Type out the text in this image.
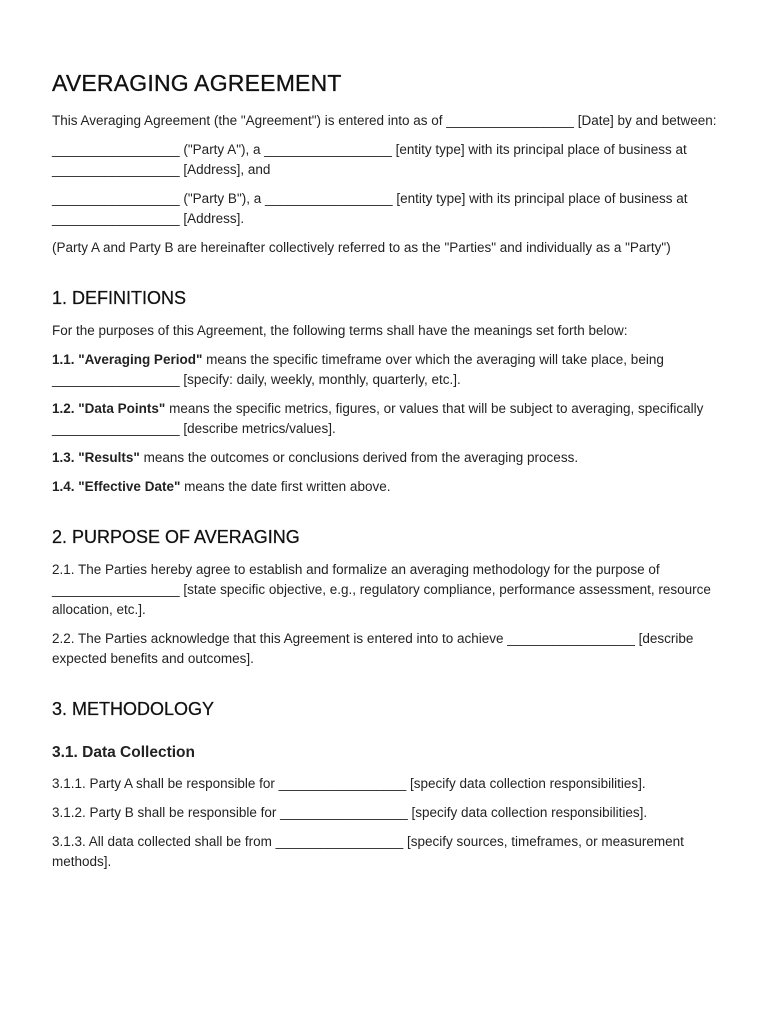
AVERAGING AGREEMENT

This Averaging Agreement (the "Agreement") is entered into as of _________________ [Date] by and between:

_________________ ("Party A"), a _________________ [entity type] with its principal place of business at _________________ [Address], and

_________________ ("Party B"), a _________________ [entity type] with its principal place of business at _________________ [Address].

(Party A and Party B are hereinafter collectively referred to as the "Parties" and individually as a "Party")

1. DEFINITIONS

For the purposes of this Agreement, the following terms shall have the meanings set forth below:

1.1. "Averaging Period" means the specific timeframe over which the averaging will take place, being _________________ [specify: daily, weekly, monthly, quarterly, etc.].

1.2. "Data Points" means the specific metrics, figures, or values that will be subject to averaging, specifically _________________ [describe metrics/values].

1.3. "Results" means the outcomes or conclusions derived from the averaging process.

1.4. "Effective Date" means the date first written above.

2. PURPOSE OF AVERAGING

2.1. The Parties hereby agree to establish and formalize an averaging methodology for the purpose of _________________ [state specific objective, e.g., regulatory compliance, performance assessment, resource allocation, etc.].

2.2. The Parties acknowledge that this Agreement is entered into to achieve _________________ [describe expected benefits and outcomes].

3. METHODOLOGY
3.1. Data Collection

3.1.1. Party A shall be responsible for _________________ [specify data collection responsibilities].

3.1.2. Party B shall be responsible for _________________ [specify data collection responsibilities].

3.1.3. All data collected shall be from _________________ [specify sources, timeframes, or measurement methods].
